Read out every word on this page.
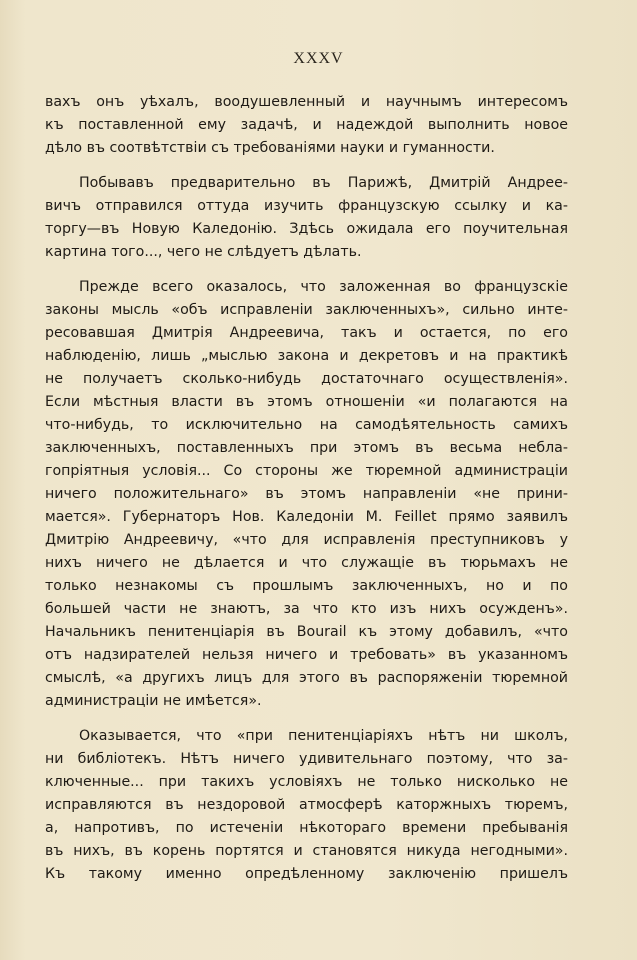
XXXV
вахъ онъ уѣхалъ, воодушевленный и научнымъ интересомъ
къ поставленной ему задачѣ, и надеждой выполнить новое
дѣло въ соотвѣтствіи съ требованіями науки и гуманности.
Побывавъ предварительно въ Парижѣ, Дмитрій Андрее-
вичъ отправился оттуда изучить французскую ссылку и ка-
торгу—въ Новую Каледонію. Здѣсь ожидала его поучительная
картина того..., чего не слѣдуетъ дѣлать.
Прежде всего оказалось, что заложенная во французскіе
законы мысль «объ исправленіи заключенныхъ», сильно инте-
ресовавшая Дмитрія Андреевича, такъ и остается, по его
наблюденію, лишь „мыслью закона и декретовъ и на практикѣ
не получаетъ сколько-нибудь достаточнаго осуществленія».
Если мѣстныя власти въ этомъ отношеніи «и полагаются на
что-нибудь, то исключительно на самодѣятельность самихъ
заключенныхъ, поставленныхъ при этомъ въ весьма небла-
гопріятныя условія... Со стороны же тюремной администраціи
ничего положительнаго» въ этомъ направленіи «не прини-
мается». Губернаторъ Нов. Каледоніи M. Feillet прямо заявилъ
Дмитрію Андреевичу, «что для исправленія преступниковъ у
нихъ ничего не дѣлается и что служащіе въ тюрьмахъ не
только незнакомы съ прошлымъ заключенныхъ, но и по
большей части не знаютъ, за что кто изъ нихъ осужденъ».
Начальникъ пенитенціарія въ Bourail къ этому добавилъ, «что
отъ надзирателей нельзя ничего и требовать» въ указанномъ
смыслѣ, «а другихъ лицъ для этого въ распоряженіи тюремной
администраціи не имѣется».
Оказывается, что «при пенитенціаріяхъ нѣтъ ни школъ,
ни библіотекъ. Нѣтъ ничего удивительнаго поэтому, что за-
ключенные... при такихъ условіяхъ не только нисколько не
исправляются въ нездоровой атмосферѣ каторжныхъ тюремъ,
а, напротивъ, по истеченіи нѣкотораго времени пребыванія
въ нихъ, въ корень портятся и становятся никуда негодными».
Къ такому именно опредѣленному заключенію пришелъ
